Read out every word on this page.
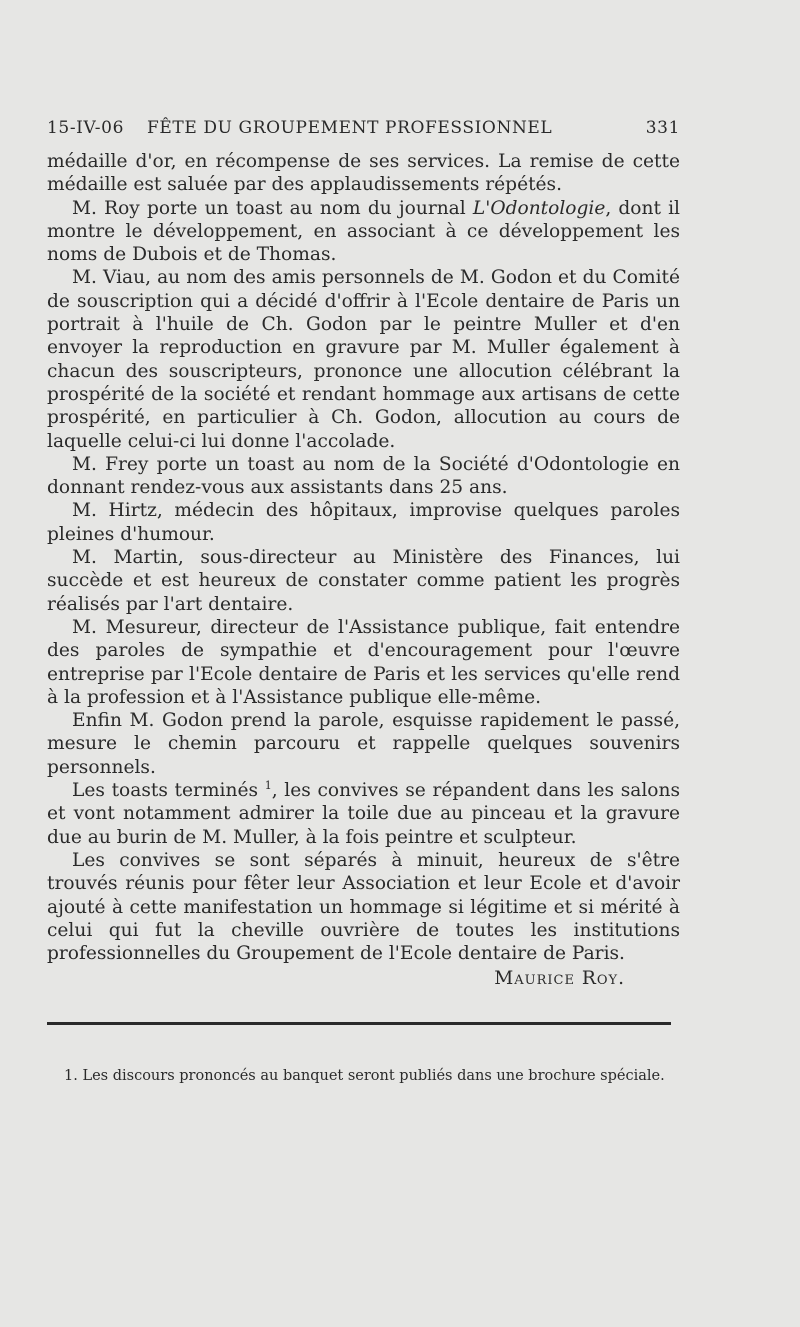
15-IV-06 FÊTE DU GROUPEMENT PROFESSIONNEL	331

médaille d'or, en récompense de ses services. La remise de cette médaille est saluée par des applaudissements répétés.

M. Roy porte un toast au nom du journal L'Odontologie, dont il montre le développement, en associant à ce développement les noms de Dubois et de Thomas.

M. Viau, au nom des amis personnels de M. Godon et du Comité de souscription qui a décidé d'offrir à l'Ecole dentaire de Paris un portrait à l'huile de Ch. Godon par le peintre Muller et d'en envoyer la reproduction en gravure par M. Muller également à chacun des souscripteurs, prononce une allocution célébrant la prospérité de la société et rendant hommage aux artisans de cette prospérité, en particulier à Ch. Godon, allocution au cours de laquelle celui-ci lui donne l'accolade.

M. Frey porte un toast au nom de la Société d'Odontologie en donnant rendez-vous aux assistants dans 25 ans.

M. Hirtz, médecin des hôpitaux, improvise quelques paroles pleines d'humour.

M. Martin, sous-directeur au Ministère des Finances, lui succède et est heureux de constater comme patient les progrès réalisés par l'art dentaire.

M. Mesureur, directeur de l'Assistance publique, fait entendre des paroles de sympathie et d'encouragement pour l'œuvre entreprise par l'Ecole dentaire de Paris et les services qu'elle rend à la profession et à l'Assistance publique elle-même.

Enfin M. Godon prend la parole, esquisse rapidement le passé, mesure le chemin parcouru et rappelle quelques souvenirs personnels.

Les toasts terminés $^1$, les convives se répandent dans les salons et vont notamment admirer la toile due au pinceau et la gravure due au burin de M. Muller, à la fois peintre et sculpteur.

Les convives se sont séparés à minuit, heureux de s'être trouvés réunis pour fêter leur Association et leur Ecole et d'avoir ajouté à cette manifestation un hommage si légitime et si mérité à celui qui fut la cheville ouvrière de toutes les institutions professionnelles du Groupement de l'Ecole dentaire de Paris.

Maurice Roy.
1. Les discours prononcés au banquet seront publiés dans une brochure spéciale.
